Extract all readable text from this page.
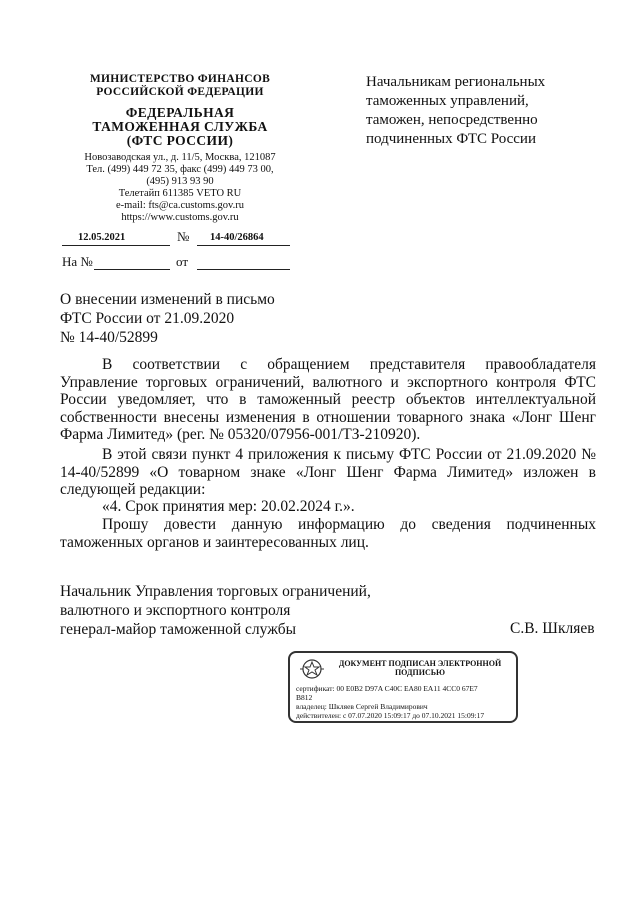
МИНИСТЕРСТВО ФИНАНСОВ
РОССИЙСКОЙ ФЕДЕРАЦИИ
ФЕДЕРАЛЬНАЯ
ТАМОЖЕННАЯ СЛУЖБА
(ФТС РОССИИ)
Новозаводская ул., д. 11/5, Москва, 121087
Тел. (499) 449 72 35, факс (499) 449 73 00,
(495) 913 93 90
Телетайп 611385 VETO RU
e-mail: fts@ca.customs.gov.ru
https://www.customs.gov.ru
12.05.2021	№ 14-40/26864
На №	от
Начальникам региональных
таможенных управлений,
таможен, непосредственно
подчиненных ФТС России
О внесении изменений в письмо
ФТС России от 21.09.2020
№ 14-40/52899
В соответствии с обращением представителя правообладателя Управление торговых ограничений, валютного и экспортного контроля ФТС России уведомляет, что в таможенный реестр объектов интеллектуальной собственности внесены изменения в отношении товарного знака «Лонг Шенг Фарма Лимитед» (рег. № 05320/07956-001/ТЗ-210920).
В этой связи пункт 4 приложения к письму ФТС России от 21.09.2020 № 14-40/52899 «О товарном знаке «Лонг Шенг Фарма Лимитед» изложен в следующей редакции:
«4. Срок принятия мер: 20.02.2024 г.».
Прошу довести данную информацию до сведения подчиненных таможенных органов и заинтересованных лиц.
Начальник Управления торговых ограничений,
валютного и экспортного контроля
генерал-майор таможенной службы	С.В. Шкляев
ДОКУМЕНТ ПОДПИСАН ЭЛЕКТРОННОЙ
ПОДПИСЬЮ
сертификат: 00 E0B2 D97A C40C EA80 EA11 4CC0 67E7
B812
владелец: Шкляев Сергей Владимирович
действителен: с 07.07.2020 15:09:17 до 07.10.2021 15:09:17
